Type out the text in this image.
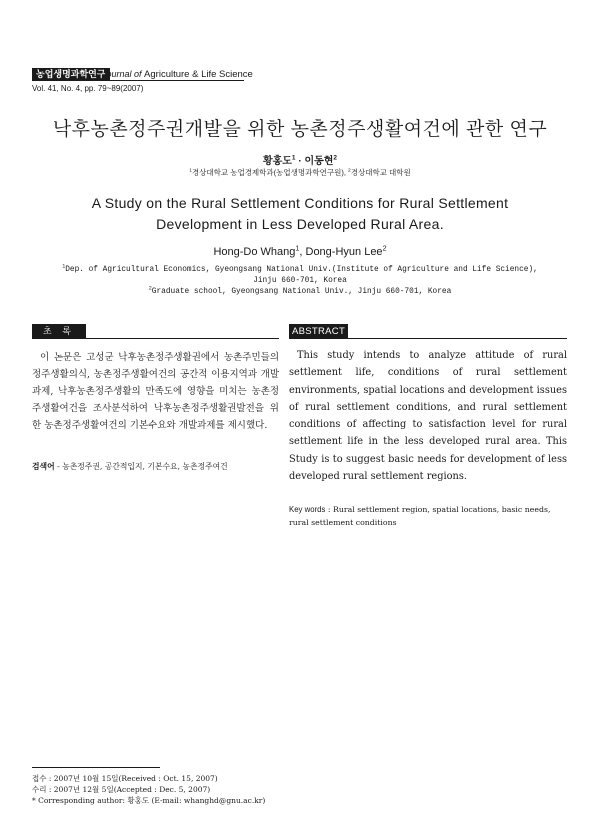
농업생명과학연구
Journal of Agriculture & Life Science
Vol. 41, No. 4, pp. 79~89(2007)
낙후농촌정주권개발을 위한 농촌정주생활여건에 관한 연구
황홍도$^1$ · 이동현$^2$
$^1$경상대학교 농업경제학과(농업생명과학연구원), $^2$경상대학교 대학원
A Study on the Rural Settlement Conditions for Rural Settlement
Development in Less Developed Rural Area.
Hong-Do Whang$^1$, Dong-Hyun Lee$^2$
$^1$Dep. of Agricultural Economics, Gyeongsang National Univ.(Institute of Agriculture and Life Science),
Jinju 660-701, Korea
$^2$Graduate school, Gyeongsang National Univ., Jinju 660-701, Korea
초 록
이 논문은 고성군 낙후농촌정주생활권에서 농촌주민들의 정주생활의식, 농촌정주생활여건의 공간적 이용지역과 개발과제, 낙후농촌정주생활의 만족도에 영향을 미치는 농촌정주생활여건을 조사분석하여 낙후농촌정주생활권발전을 위한 농촌정주생활여건의 기본수요와 개발과제를 제시했다.
검색어 - 농촌정주권, 공간적입지, 기본수요, 농촌정주여건
ABSTRACT
This study intends to analyze attitude of rural settlement life, conditions of rural settlement environments, spatial locations and development issues of rural settlement conditions, and rural settlement conditions of affecting to satisfaction level for rural settlement life in the less developed rural area. This Study is to suggest basic needs for development of less developed rural settlement regions.
Key words : Rural settlement region, spatial locations, basic needs, rural settlement conditions
접수 : 2007년 10월 15일(Received : Oct. 15, 2007)
수리 : 2007년 12월 5일(Accepted : Dec. 5, 2007)
* Corresponding author: 황홍도 (E-mail: whanghd@gnu.ac.kr)
